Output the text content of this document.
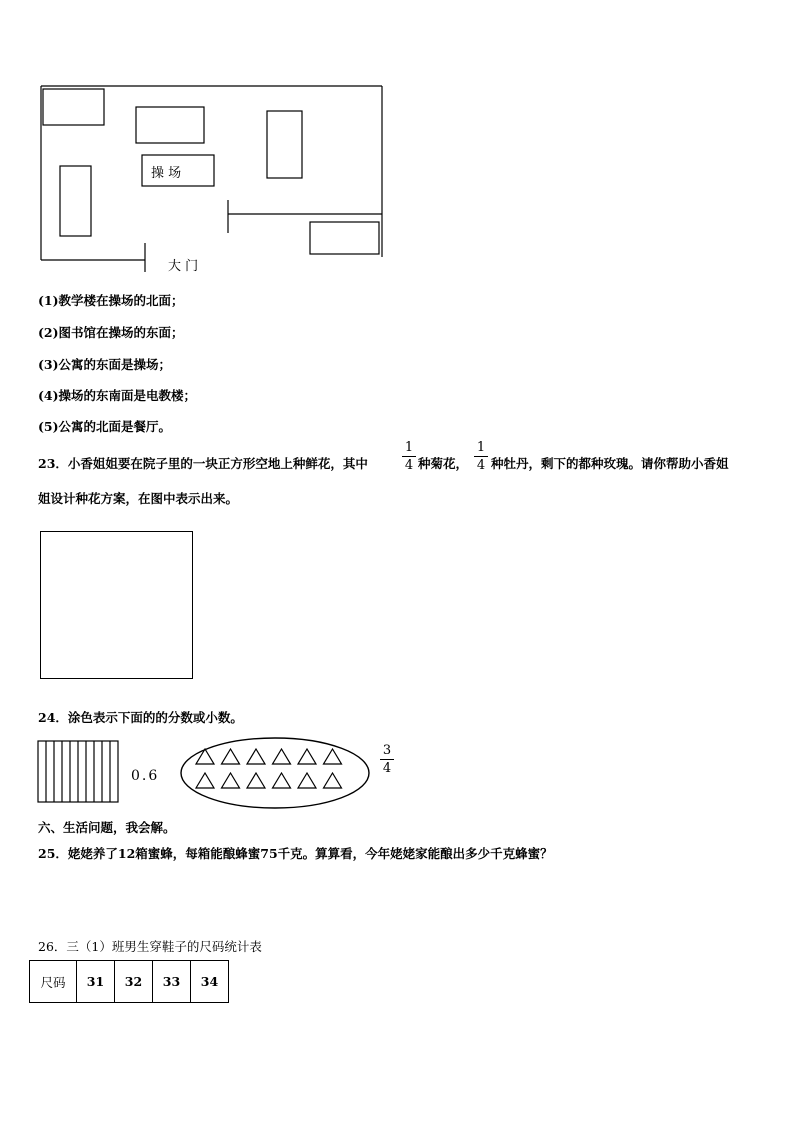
操 场
大 门
(1)教学楼在操场的北面；
(2)图书馆在操场的东面；
(3)公寓的东面是操场；
(4)操场的东南面是电教楼；
(5)公寓的北面是餐厅。
23．小香姐姐要在院子里的一块正方形空地上种鲜花，其中
1
4 种菊花，
1
4 种牡丹，剩下的都种玫瑰。请你帮助小香姐
姐设计种花方案，在图中表示出来。
24．涂色表示下面的的分数或小数。
0.6
3
4
六、生活问题，我会解。
25．姥姥养了12箱蜜蜂，每箱能酿蜂蜜75千克。算算看，今年姥姥家能酿出多少千克蜂蜜？
26．三（1）班男生穿鞋子的尺码统计表
尺码	31	32	33	34
